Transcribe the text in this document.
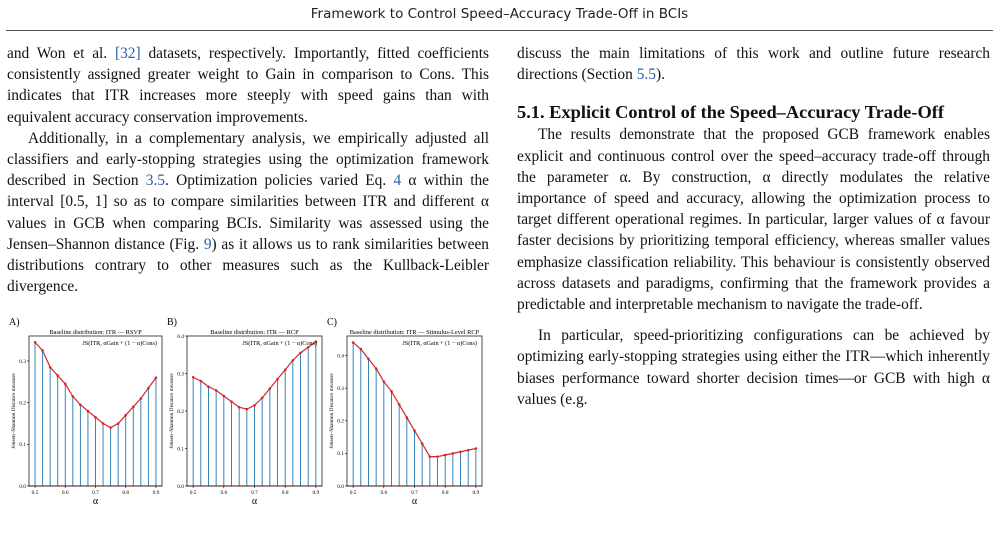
Framework to Control Speed–Accuracy Trade-Off in BCIs

and Won et al. [32] datasets, respectively. Importantly, fitted coefficients consistently assigned greater weight to Gain in comparison to Cons. This indicates that ITR increases more steeply with speed gains than with equivalent accuracy conservation improvements.

Additionally, in a complementary analysis, we empirically adjusted all classifiers and early-stopping strategies using the optimization framework described in Section 3.5. Optimization policies varied Eq. 4 α within the interval [0.5, 1] so as to compare similarities between ITR and different α values in GCB when comparing BCIs. Similarity was assessed using the Jensen–Shannon distance (Fig. 9) as it allows us to rank similarities between distributions contrary to other measures such as the Kullback-Leibler divergence.

discuss the main limitations of this work and outline future research directions (Section 5.5).

5.1. Explicit Control of the Speed–Accuracy Trade-Off

The results demonstrate that the proposed GCB framework enables explicit and continuous control over the speed–accuracy trade-off through the parameter α. By construction, α directly modulates the relative importance of speed and accuracy, allowing the optimization process to target different operational regimes. In particular, larger values of α favour faster decisions by prioritizing temporal efficiency, whereas smaller values emphasize classification reliability. This behaviour is consistently observed across datasets and paradigms, confirming that the framework provides a predictable and interpretable mechanism to navigate the trade-off.

In particular, speed-prioritizing configurations can be achieved by optimizing early-stopping strategies using either the ITR—which inherently biases performance toward shorter decision times—or GCB with high α values (e.g.

A)
Baseline distribution: ITR — RSVP
Jensen–Shannon Distance measure
0.0
0.1
0.2
0.3
0.5	0.6	0.7	0.8	0.9
α
JS(ITR, αGain + (1 − α)Cons)
B)
Baseline distribution: ITR — RCP
Jensen–Shannon Distance measure
0.0
0.1
0.2
0.3
0.4
0.5	0.6	0.7	0.8	0.9
α
JS(ITR, αGain + (1 − α)Cons)
C)
Baseline distribution: ITR — Stimulus-Level RCP
Jensen–Shannon Distance measure
0.0
0.1
0.2
0.3
0.4
0.5	0.6	0.7	0.8	0.9
α
JS(ITR, αGain + (1 − α)Cons)
